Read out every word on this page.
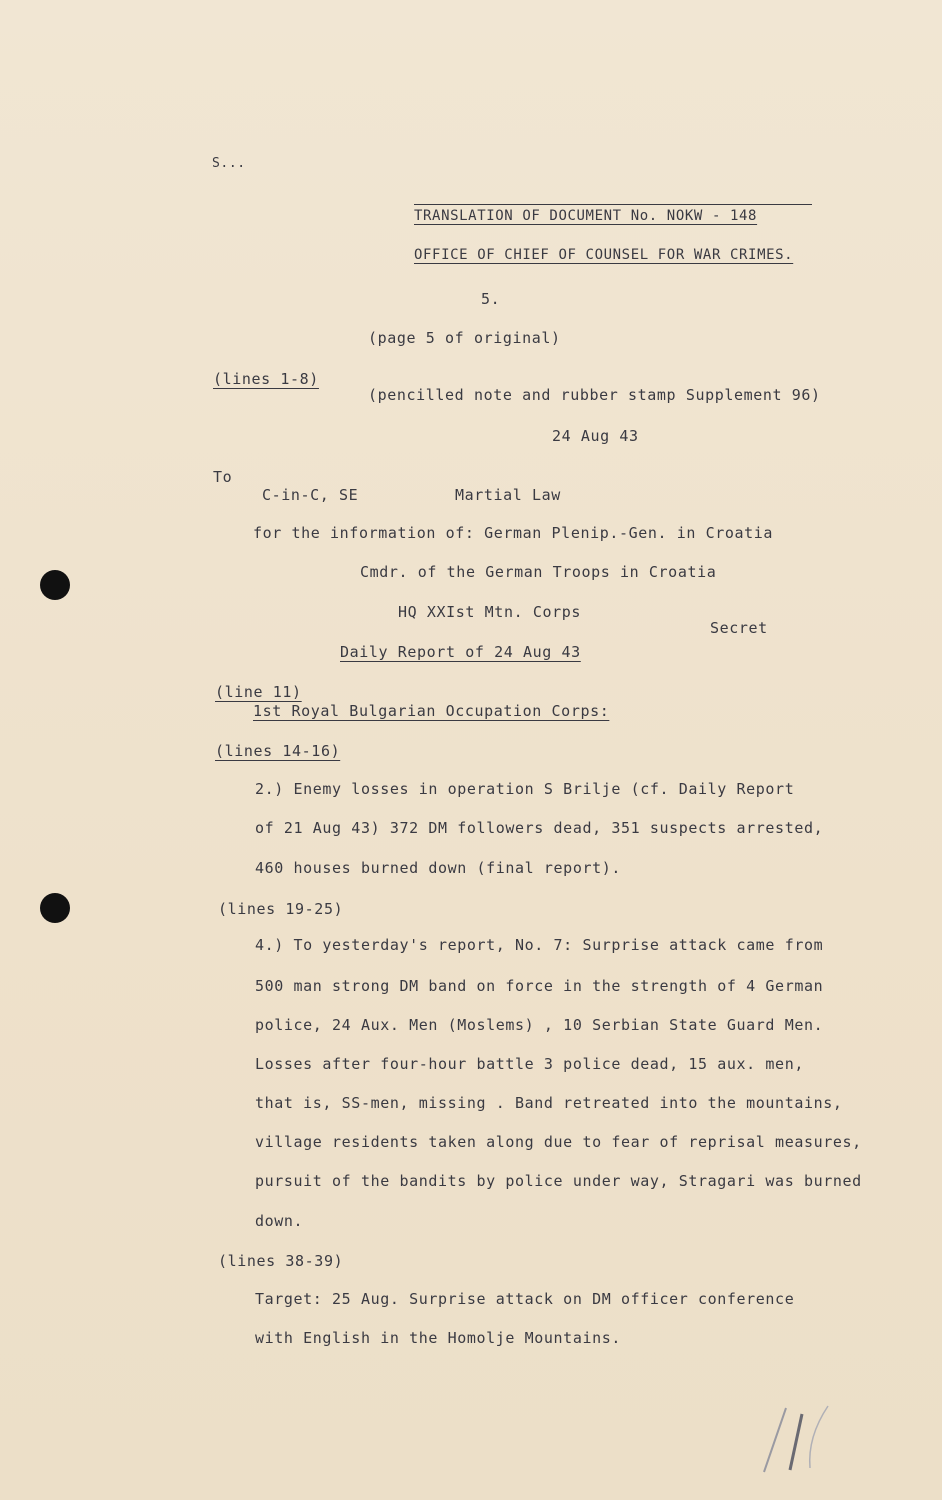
S...
TRANSLATION OF DOCUMENT No. NOKW - 148
OFFICE OF CHIEF OF COUNSEL FOR WAR CRIMES.
5.
(page 5 of original)
(lines 1-8)
(pencilled note and rubber stamp Supplement 96)
24 Aug 43
To
C-in-C, SE	Martial Law
for the information of: German Plenip.-Gen. in Croatia
Cmdr. of the German Troops in Croatia
HQ XXIst Mtn. Corps
Secret
Daily Report of 24 Aug 43
(line 11)
1st Royal Bulgarian Occupation Corps:
(lines 14-16)
2.) Enemy losses in operation S Brilje (cf. Daily Report
of 21 Aug 43) 372 DM followers dead, 351 suspects arrested,
460 houses burned down (final report).
(lines 19-25)
4.) To yesterday's report, No. 7: Surprise attack came from
500 man strong DM band on force in the strength of 4 German
police, 24 Aux. Men (Moslems) , 10 Serbian State Guard Men.
Losses after four-hour battle 3 police dead, 15 aux. men,
that is, SS-men, missing . Band retreated into the mountains,
village residents taken along due to fear of reprisal measures,
pursuit of the bandits by police under way, Stragari was burned
down.
(lines 38-39)
Target: 25 Aug. Surprise attack on DM officer conference
with English in the Homolje Mountains.
